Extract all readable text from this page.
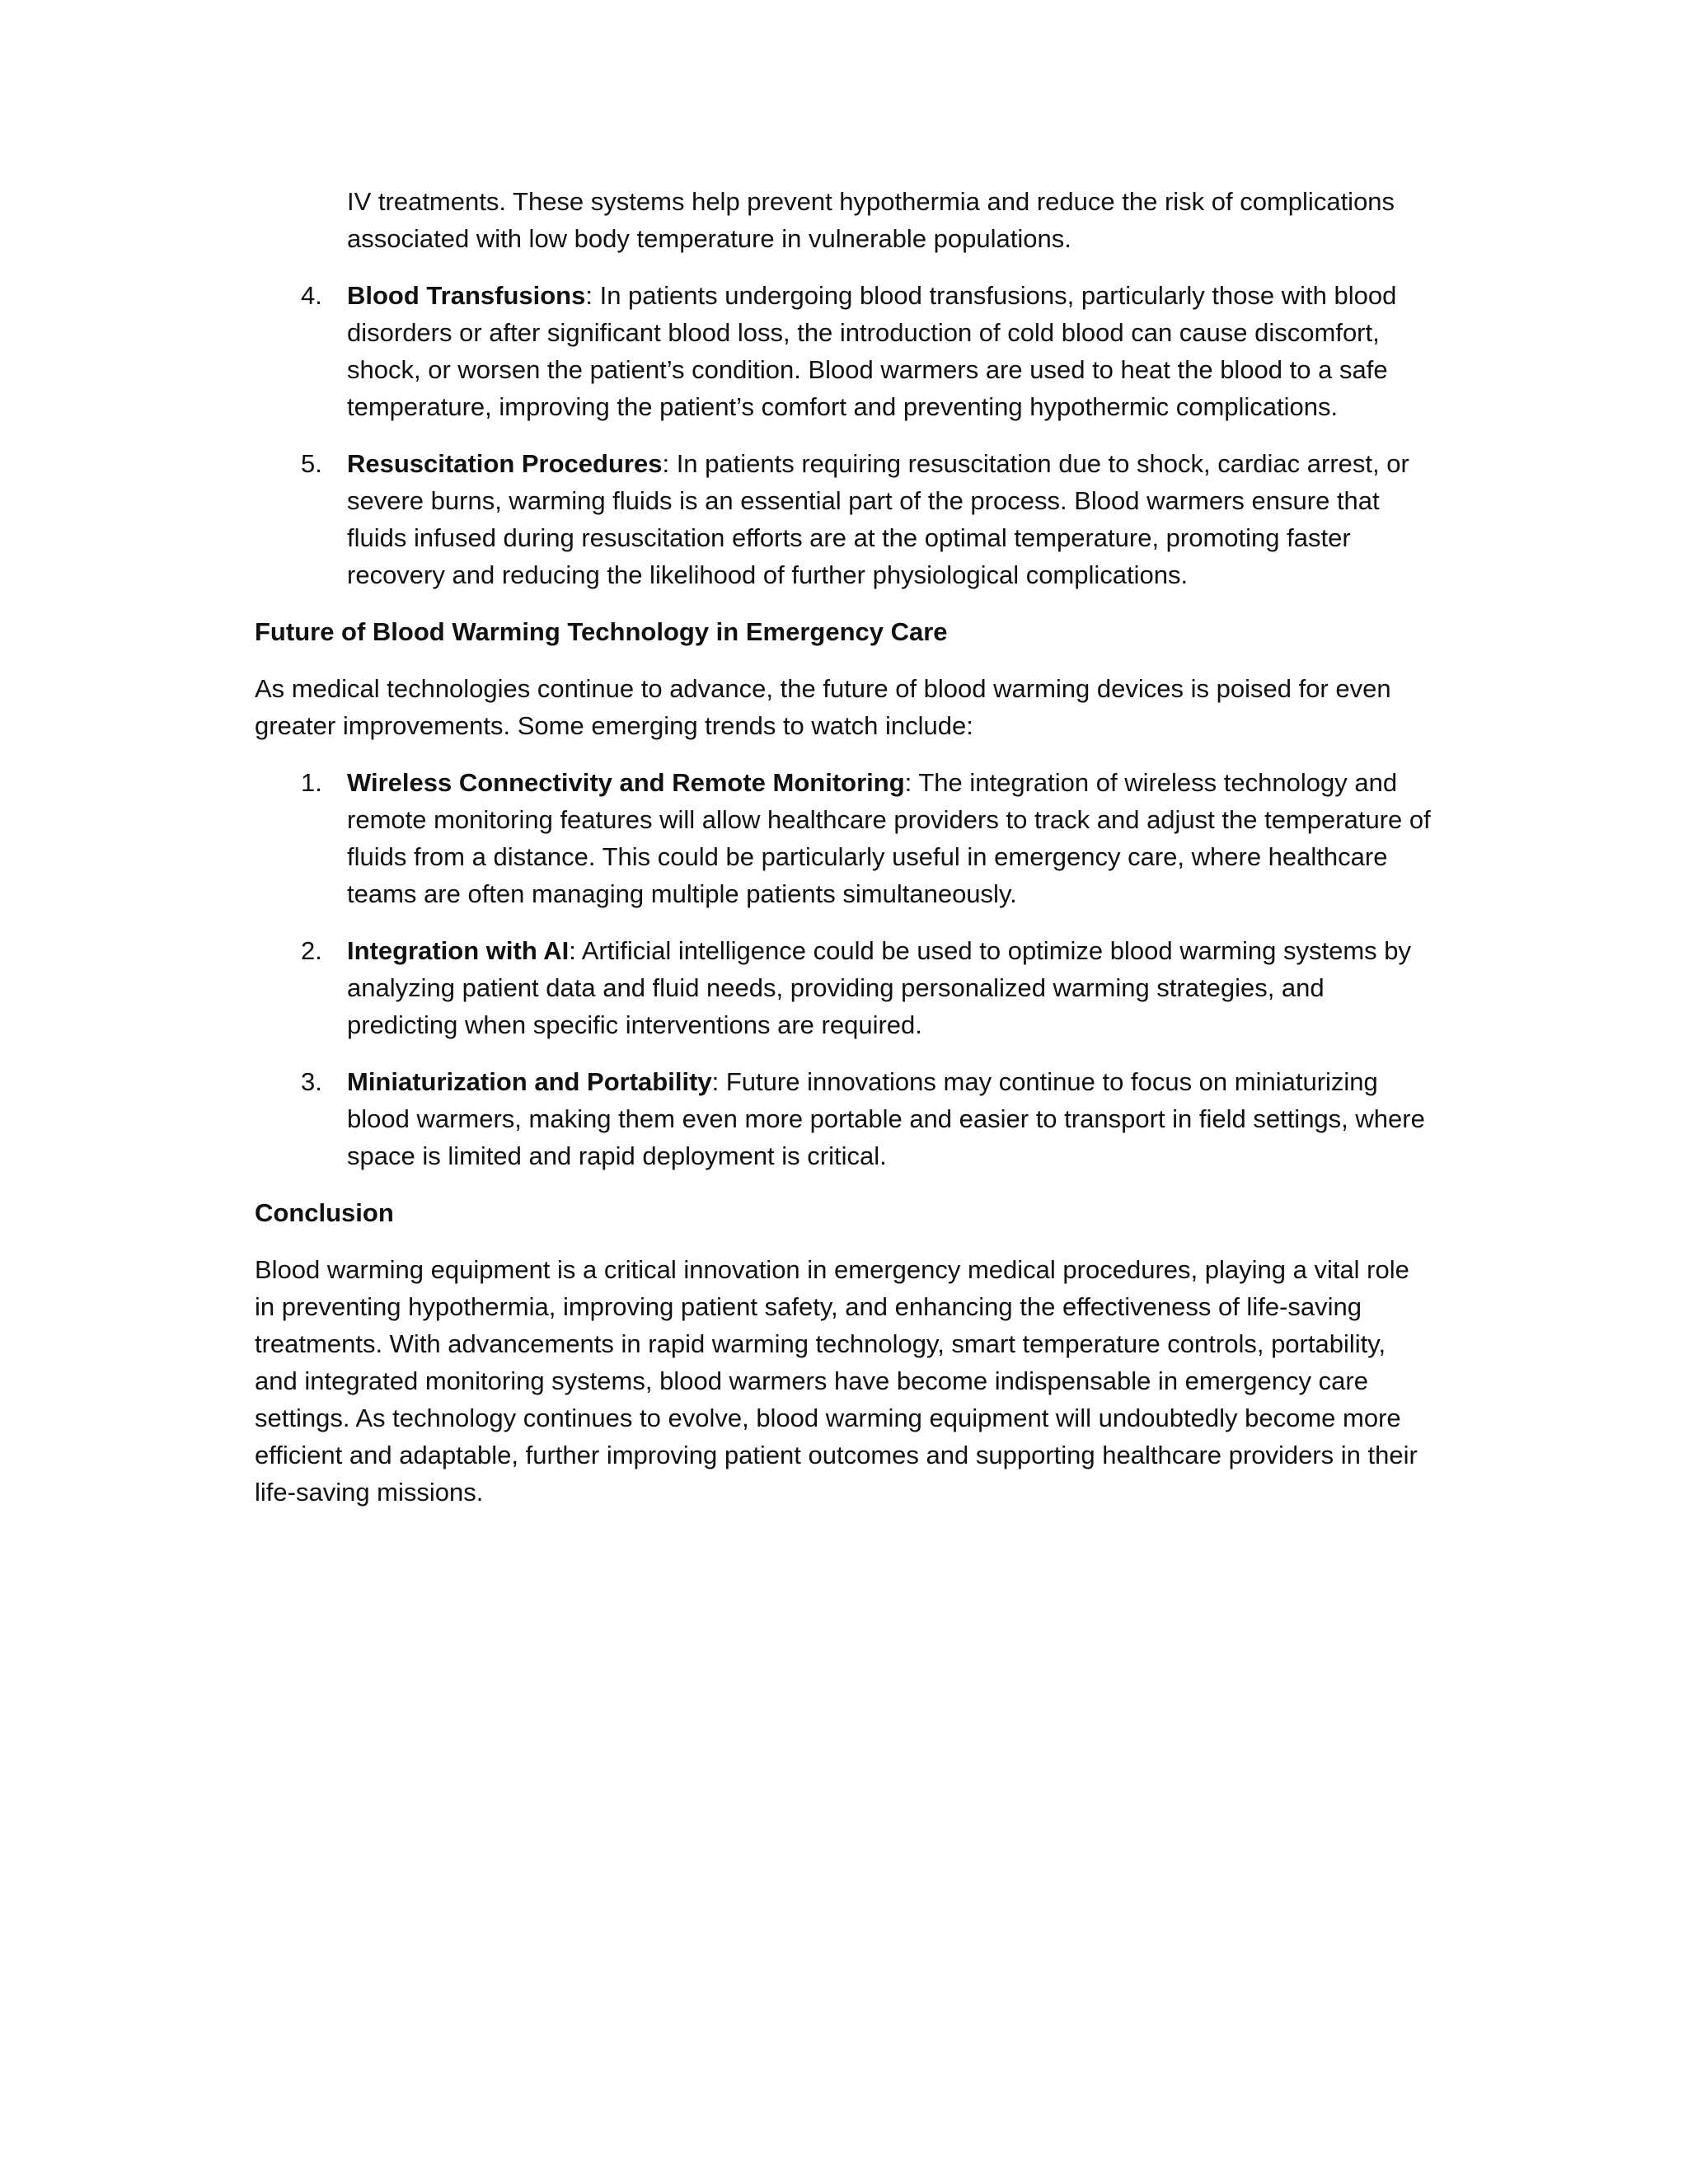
IV treatments. These systems help prevent hypothermia and reduce the risk of complications associated with low body temperature in vulnerable populations.

4. Blood Transfusions: In patients undergoing blood transfusions, particularly those with blood disorders or after significant blood loss, the introduction of cold blood can cause discomfort, shock, or worsen the patient’s condition. Blood warmers are used to heat the blood to a safe temperature, improving the patient’s comfort and preventing hypothermic complications.
5. Resuscitation Procedures: In patients requiring resuscitation due to shock, cardiac arrest, or severe burns, warming fluids is an essential part of the process. Blood warmers ensure that fluids infused during resuscitation efforts are at the optimal temperature, promoting faster recovery and reducing the likelihood of further physiological complications.
Future of Blood Warming Technology in Emergency Care

As medical technologies continue to advance, the future of blood warming devices is poised for even greater improvements. Some emerging trends to watch include:

1. Wireless Connectivity and Remote Monitoring: The integration of wireless technology and remote monitoring features will allow healthcare providers to track and adjust the temperature of fluids from a distance. This could be particularly useful in emergency care, where healthcare teams are often managing multiple patients simultaneously.
2. Integration with AI: Artificial intelligence could be used to optimize blood warming systems by analyzing patient data and fluid needs, providing personalized warming strategies, and predicting when specific interventions are required.
3. Miniaturization and Portability: Future innovations may continue to focus on miniaturizing blood warmers, making them even more portable and easier to transport in field settings, where space is limited and rapid deployment is critical.
Conclusion

Blood warming equipment is a critical innovation in emergency medical procedures, playing a vital role in preventing hypothermia, improving patient safety, and enhancing the effectiveness of life-saving treatments. With advancements in rapid warming technology, smart temperature controls, portability, and integrated monitoring systems, blood warmers have become indispensable in emergency care settings. As technology continues to evolve, blood warming equipment will undoubtedly become more efficient and adaptable, further improving patient outcomes and supporting healthcare providers in their life-saving missions.
